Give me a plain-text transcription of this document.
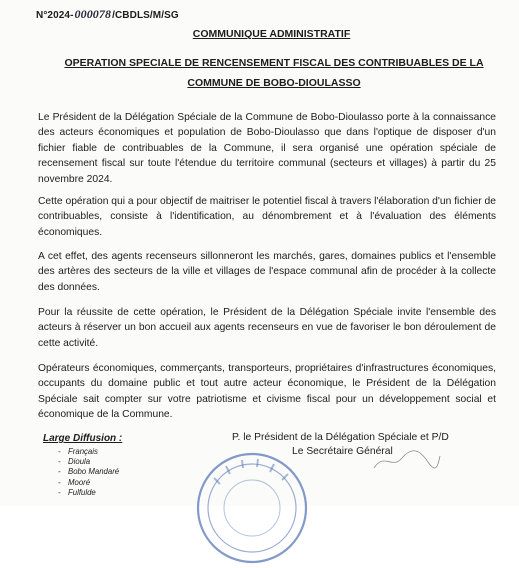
N°2024- 000078 /CBDLS/M/SG
COMMUNIQUE ADMINISTRATIF
OPERATION SPECIALE DE RENCENSEMENT FISCAL DES CONTRIBUABLES DE LA COMMUNE DE BOBO-DIOULASSO

Le Président de la Délégation Spéciale de la Commune de Bobo-Dioulasso porte à la connaissance des acteurs économiques et population de Bobo-Dioulasso que dans l'optique de disposer d'un fichier fiable de contribuables de la Commune, il sera organisé une opération spéciale de recensement fiscal sur toute l'étendue du territoire communal (secteurs et villages) à partir du 25 novembre 2024.

Cette opération qui a pour objectif de maitriser le potentiel fiscal à travers l'élaboration d'un fichier de contribuables, consiste à l'identification, au dénombrement et à l'évaluation des éléments économiques.

A cet effet, des agents recenseurs sillonneront les marchés, gares, domaines publics et l'ensemble des artères des secteurs de la ville et villages de l'espace communal afin de procéder à la collecte des données.

Pour la réussite de cette opération, le Président de la Délégation Spéciale invite l'ensemble des acteurs à réserver un bon accueil aux agents recenseurs en vue de favoriser le bon déroulement de cette activité.

Opérateurs économiques, commerçants, transporteurs, propriétaires d'infrastructures économiques, occupants du domaine public et tout autre acteur économique, le Président de la Délégation Spéciale sait compter sur votre patriotisme et civisme fiscal pour un développement social et économique de la Commune.

Large Diffusion :
- Français
- Dioula
- Bobo Mandaré
- Mooré
- Fulfulde
P. le Président de la Délégation Spéciale et P/D
Le Secrétaire Général
